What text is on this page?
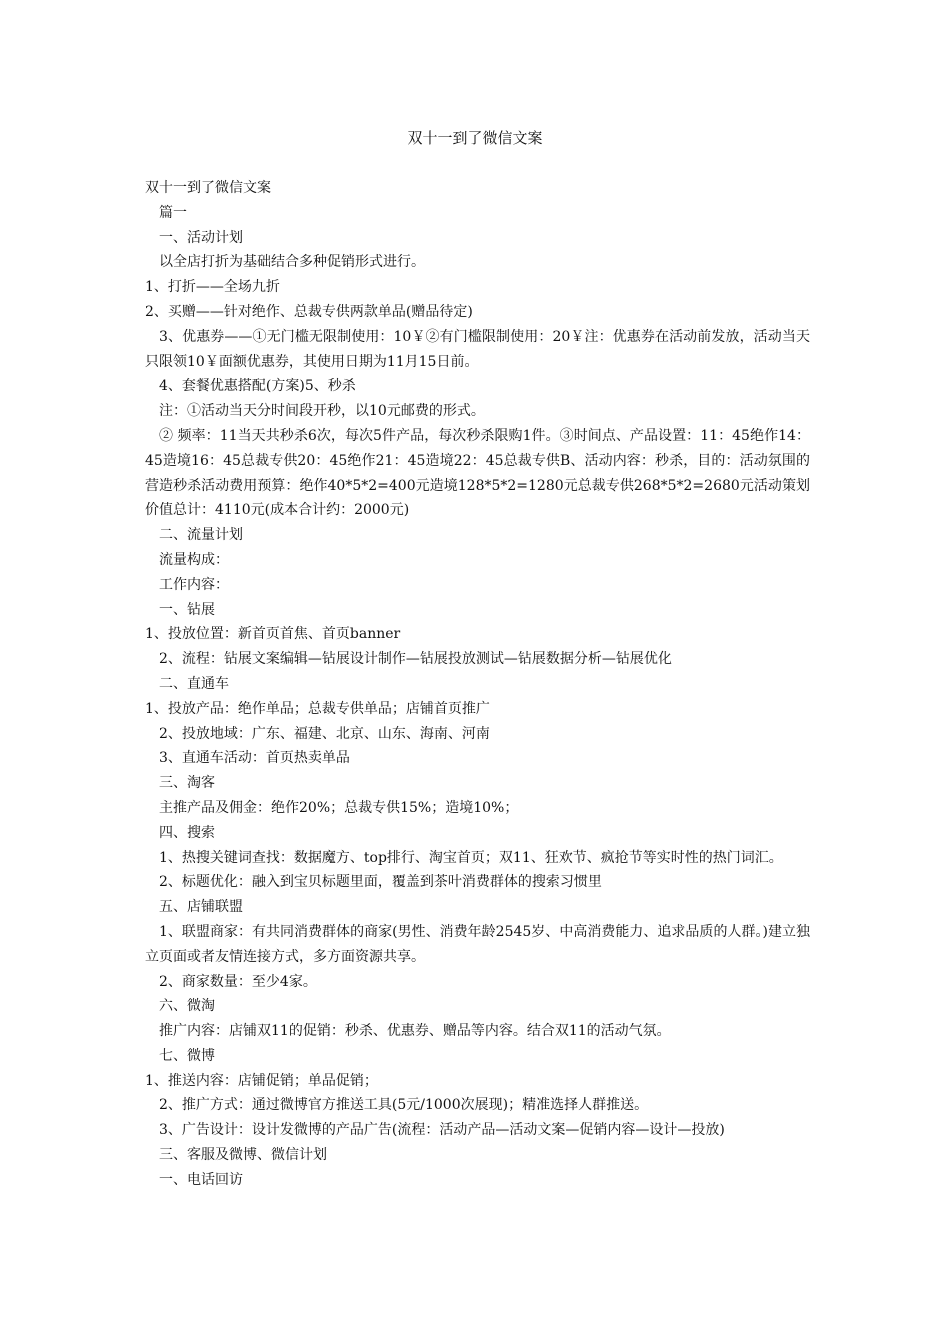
双十一到了微信文案

双十一到了微信文案

篇一

一、活动计划

以全店打折为基础结合多种促销形式进行。

1、打折——全场九折

2、买赠——针对绝作、总裁专供两款单品(赠品待定)

3、优惠券——①无门槛无限制使用：10￥②有门槛限制使用：20￥注：优惠券在活动前发放，活动当天只限领10￥面额优惠券，其使用日期为11月15日前。

4、套餐优惠搭配(方案)5、秒杀

注：①活动当天分时间段开秒，以10元邮费的形式。

② 频率：11当天共秒杀6次，每次5件产品，每次秒杀限购1件。③时间点、产品设置：11：45绝作14：45造境16：45总裁专供20：45绝作21：45造境22：45总裁专供B、活动内容：秒杀，目的：活动氛围的营造秒杀活动费用预算：绝作40*5*2=400元造境128*5*2=1280元总裁专供268*5*2=2680元活动策划价值总计：4110元(成本合计约：2000元)

二、流量计划

流量构成：

工作内容：

一、钻展

1、投放位置：新首页首焦、首页banner

2、流程：钻展文案编辑—钻展设计制作—钻展投放测试—钻展数据分析—钻展优化

二、直通车

1、投放产品：绝作单品；总裁专供单品；店铺首页推广

2、投放地域：广东、福建、北京、山东、海南、河南

3、直通车活动：首页热卖单品

三、淘客

主推产品及佣金：绝作20%；总裁专供15%；造境10%；

四、搜索

1、热搜关键词查找：数据魔方、top排行、淘宝首页；双11、狂欢节、疯抢节等实时性的热门词汇。

2、标题优化：融入到宝贝标题里面，覆盖到茶叶消费群体的搜索习惯里

五、店铺联盟

1、联盟商家：有共同消费群体的商家(男性、消费年龄2545岁、中高消费能力、追求品质的人群。)建立独立页面或者友情连接方式，多方面资源共享。

2、商家数量：至少4家。

六、微淘

推广内容：店铺双11的促销：秒杀、优惠券、赠品等内容。结合双11的活动气氛。

七、微博

1、推送内容：店铺促销；单品促销；

2、推广方式：通过微博官方推送工具(5元/1000次展现)；精准选择人群推送。

3、广告设计：设计发微博的产品广告(流程：活动产品—活动文案—促销内容—设计—投放)

三、客服及微博、微信计划

一、电话回访
